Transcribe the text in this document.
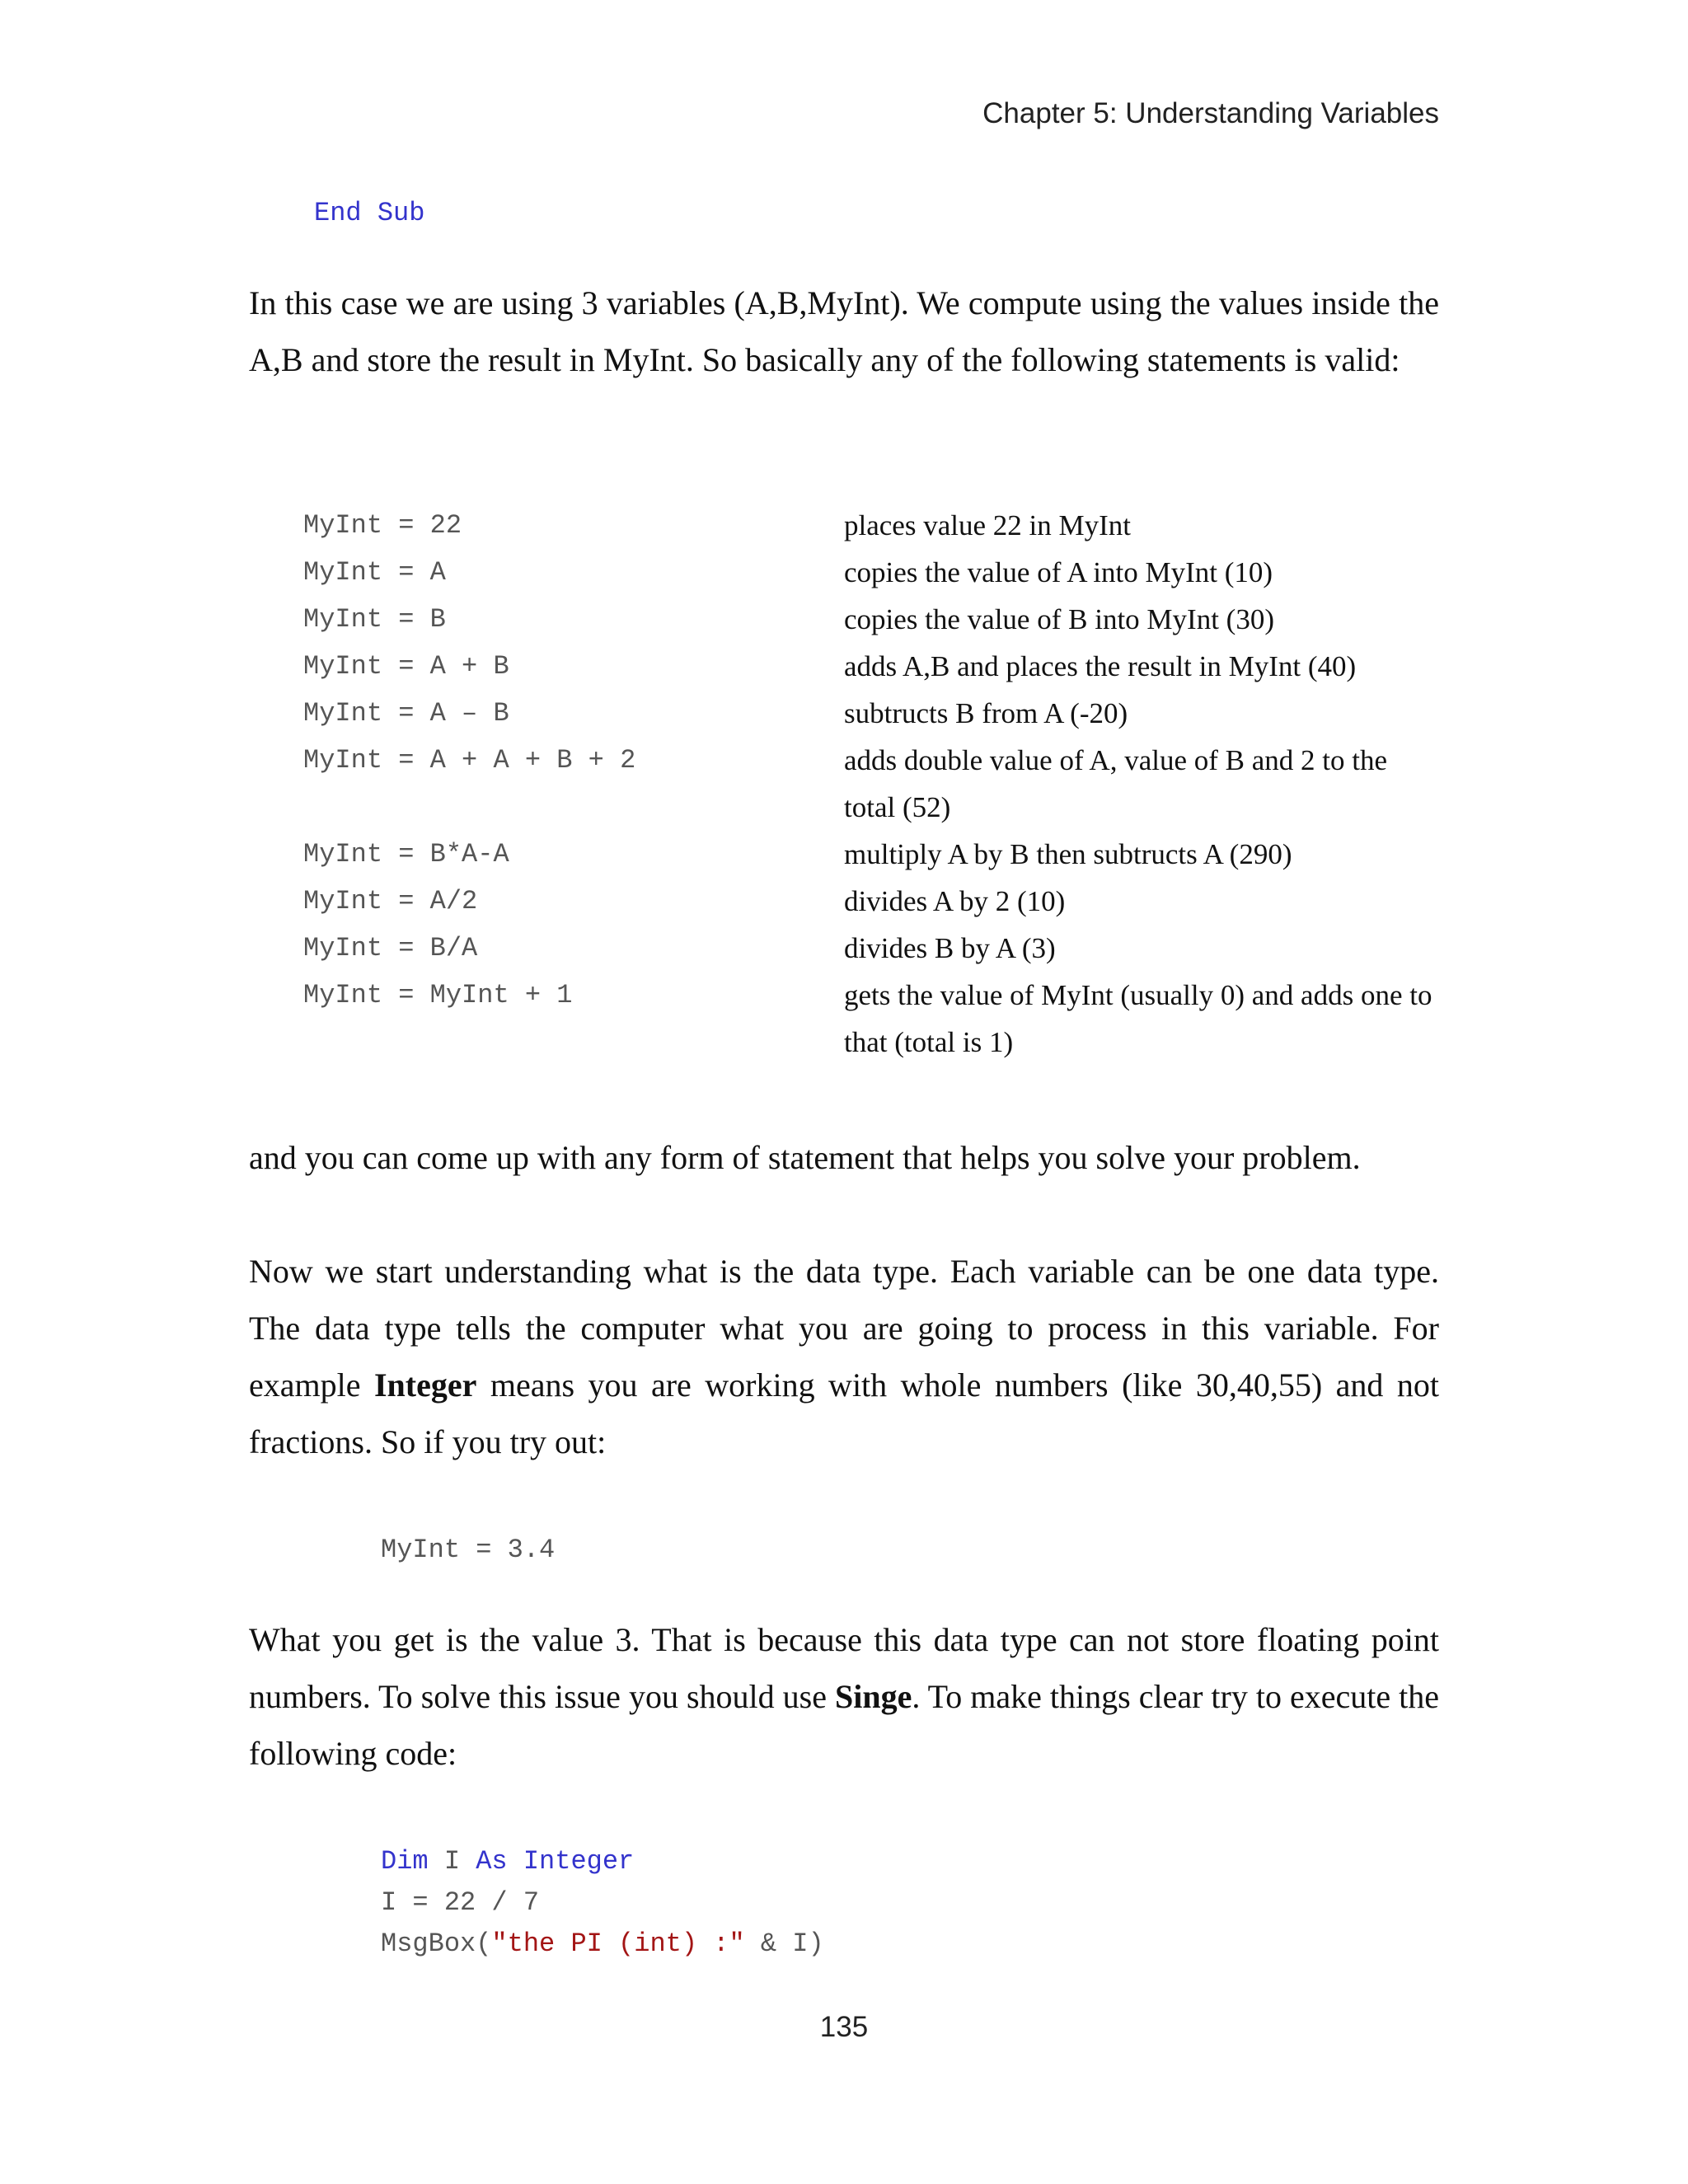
Chapter 5: Understanding Variables
End Sub

In this case we are using 3 variables (A,B,MyInt). We compute using the values inside the A,B and store the result in MyInt. So basically any of the following statements is valid:

MyInt = 22	places value 22 in MyInt
MyInt = A	copies the value of A into MyInt (10)
MyInt = B	copies the value of B into MyInt (30)
MyInt = A + B	adds A,B and places the result in MyInt (40)
MyInt = A – B	subtructs B from A (-20)
MyInt = A + A + B + 2	adds double value of A, value of B and 2 to the total (52)
MyInt = B*A-A	multiply A by B then subtructs A (290)
MyInt = A/2	divides A by 2 (10)
MyInt = B/A	divides B by A (3)
MyInt = MyInt + 1	gets the value of MyInt (usually 0) and adds one to that (total is 1)

and you can come up with any form of statement that helps you solve your problem.

Now we start understanding what is the data type. Each variable can be one data type. The data type tells the computer what you are going to process in this variable. For example Integer means you are working with whole numbers (like 30,40,55) and not fractions. So if you try out:

MyInt = 3.4

What you get is the value 3. That is because this data type can not store floating point numbers. To solve this issue you should use Singe. To make things clear try to execute the following code:

Dim I As Integer
I = 22 / 7
MsgBox("the PI (int) :" & I)
135
